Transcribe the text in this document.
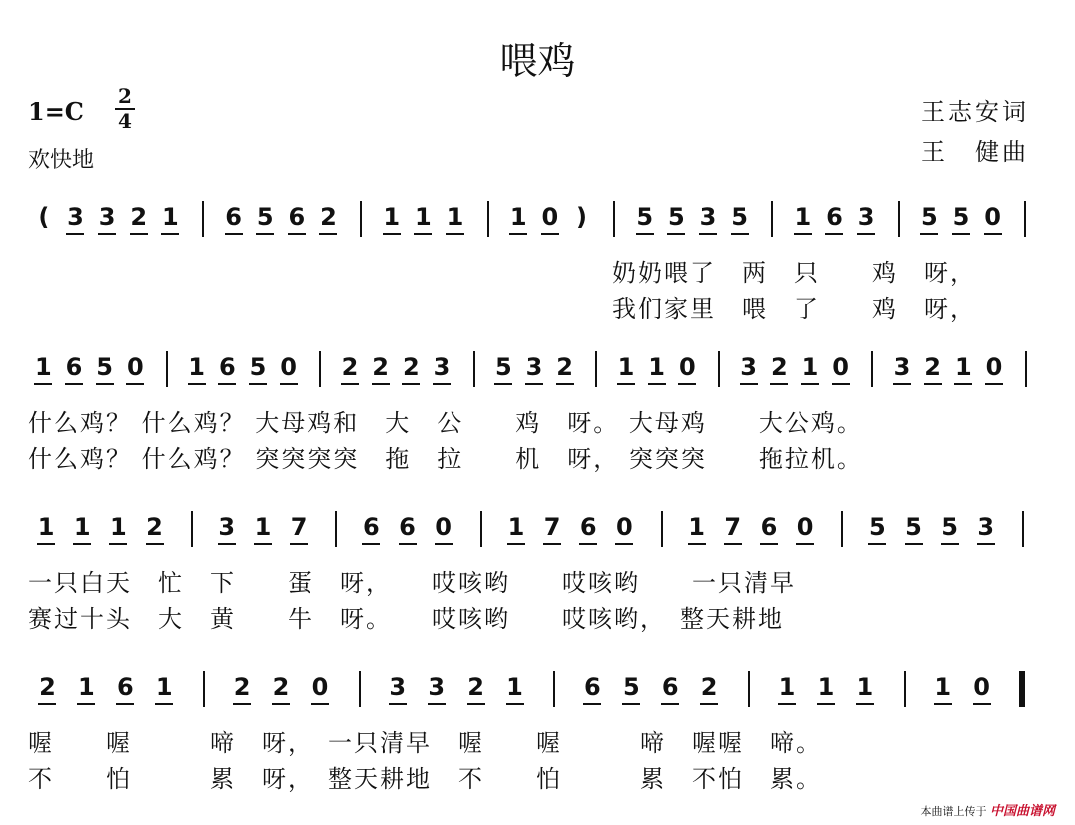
喂鸡
1=C
2
4
欢快地
王志安词
王　健曲
( 3 3 2 1 6 5 6 2 1 1 1 1 0 ) 5 5 3 5 1 6 3 5 5 0
奶奶喂了　两　只　　鸡　呀，
我们家里　喂　了　　鸡　呀，
1 6 5 0 1 6 5 0 2 2 2 3 5 3 2 1 1 0 3 2 1 0 3 2 1 0
什么鸡？ 什么鸡？ 大母鸡和　大　公　　鸡　呀。 大母鸡　　大公鸡。
什么鸡？ 什么鸡？ 突突突突　拖　拉　　机　呀， 突突突　　拖拉机。
1 1 1 2 3 1 7 6 6 0 1 7 6 0 1 7 6 0 5 5 5 3
一只白天　忙　下　　蛋　呀，　　哎咳哟　　哎咳哟　　一只清早
赛过十头　大　黄　　牛　呀。　　哎咳哟　　哎咳哟，　整天耕地
2 1 6 1	2 2 0	3 3 2 1	6 5 6 2	1 1 1	1 0
喔　　喔　　　啼　呀，　一只清早　喔　　喔　　　啼　喔喔　啼。
不　　怕　　　累　呀，　整天耕地　不　　怕　　　累　不怕　累。
本曲谱上传于 中国曲谱网
